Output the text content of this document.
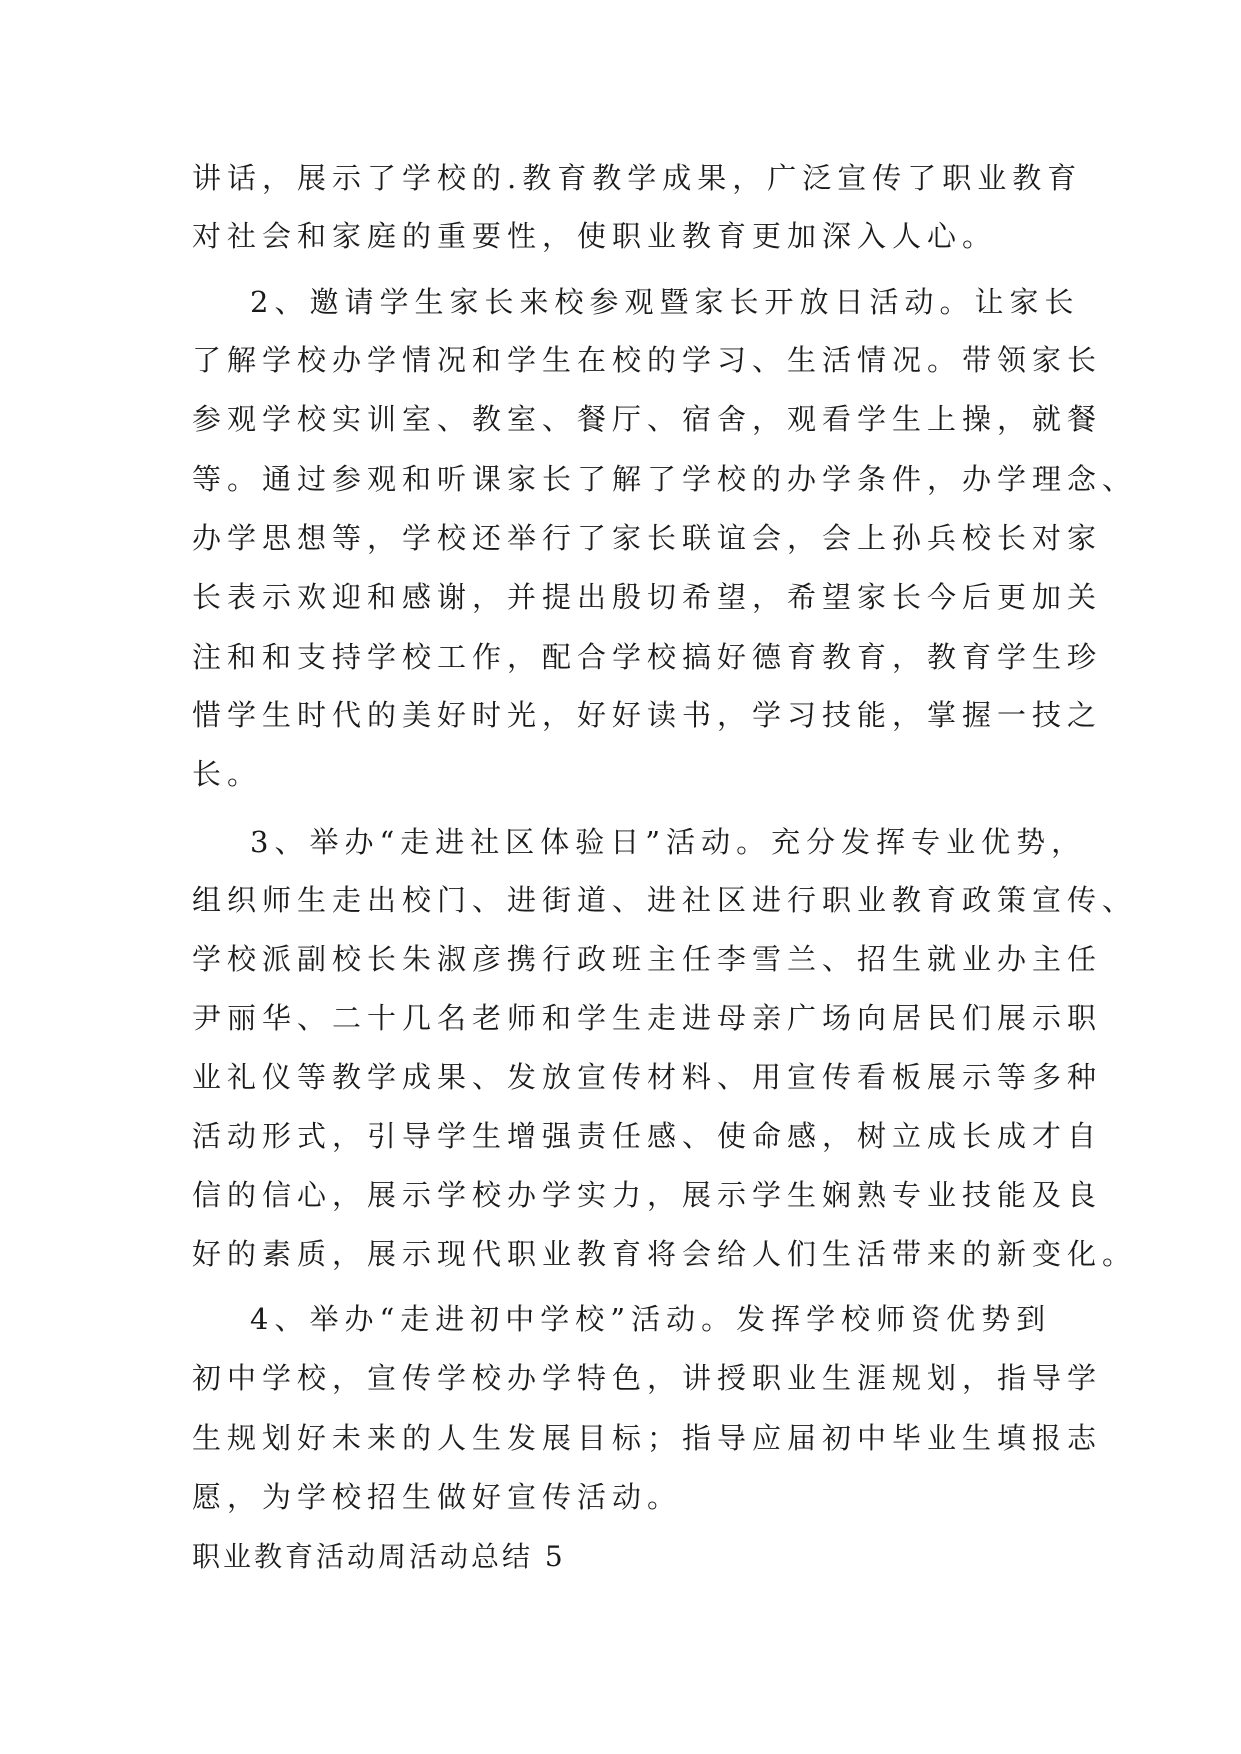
讲话，展示了学校的.教育教学成果，广泛宣传了职业教育
对社会和家庭的重要性，使职业教育更加深入人心。
2、邀请学生家长来校参观暨家长开放日活动。让家长
了解学校办学情况和学生在校的学习、生活情况。带领家长
参观学校实训室、教室、餐厅、宿舍，观看学生上操，就餐
等。通过参观和听课家长了解了学校的办学条件，办学理念、
办学思想等，学校还举行了家长联谊会，会上孙兵校长对家
长表示欢迎和感谢，并提出殷切希望，希望家长今后更加关
注和和支持学校工作，配合学校搞好德育教育，教育学生珍
惜学生时代的美好时光，好好读书，学习技能，掌握一技之
长。
3、举办“走进社区体验日”活动。充分发挥专业优势，
组织师生走出校门、进街道、进社区进行职业教育政策宣传、
学校派副校长朱淑彦携行政班主任李雪兰、招生就业办主任
尹丽华、二十几名老师和学生走进母亲广场向居民们展示职
业礼仪等教学成果、发放宣传材料、用宣传看板展示等多种
活动形式，引导学生增强责任感、使命感，树立成长成才自
信的信心，展示学校办学实力，展示学生娴熟专业技能及良
好的素质，展示现代职业教育将会给人们生活带来的新变化。
4、举办“走进初中学校”活动。发挥学校师资优势到
初中学校，宣传学校办学特色，讲授职业生涯规划，指导学
生规划好未来的人生发展目标；指导应届初中毕业生填报志
愿，为学校招生做好宣传活动。
职业教育活动周活动总结 5
